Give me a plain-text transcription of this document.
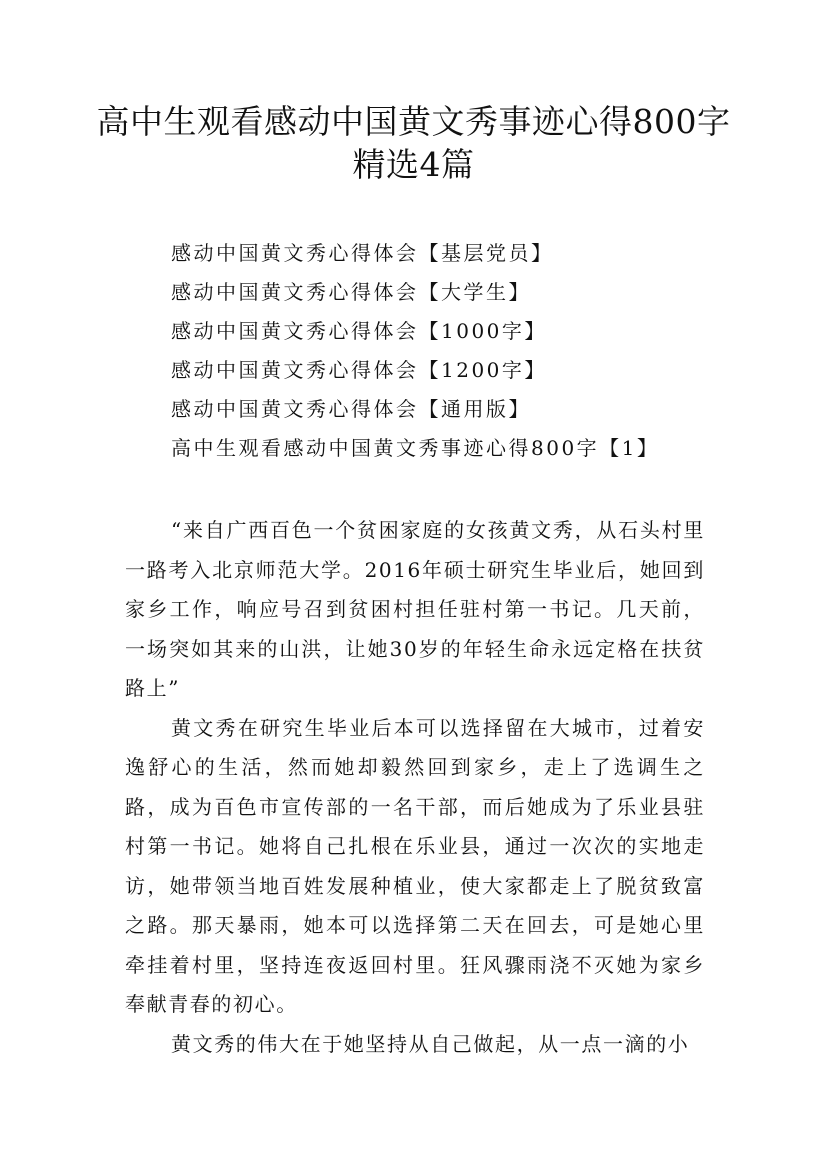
高中生观看感动中国黄文秀事迹心得800字
精选4篇
感动中国黄文秀心得体会【基层党员】
感动中国黄文秀心得体会【大学生】
感动中国黄文秀心得体会【1000字】
感动中国黄文秀心得体会【1200字】
感动中国黄文秀心得体会【通用版】
高中生观看感动中国黄文秀事迹心得800字【1】

“来自广西百色一个贫困家庭的女孩黄文秀，从石头村里一路考入北京师范大学。2016年硕士研究生毕业后，她回到家乡工作，响应号召到贫困村担任驻村第一书记。几天前，一场突如其来的山洪，让她30岁的年轻生命永远定格在扶贫路上”

黄文秀在研究生毕业后本可以选择留在大城市，过着安逸舒心的生活，然而她却毅然回到家乡，走上了选调生之路，成为百色市宣传部的一名干部，而后她成为了乐业县驻村第一书记。她将自己扎根在乐业县，通过一次次的实地走访，她带领当地百姓发展种植业，使大家都走上了脱贫致富之路。那天暴雨，她本可以选择第二天在回去，可是她心里牵挂着村里，坚持连夜返回村里。狂风骤雨浇不灭她为家乡奉献青春的初心。

黄文秀的伟大在于她坚持从自己做起，从一点一滴的小
